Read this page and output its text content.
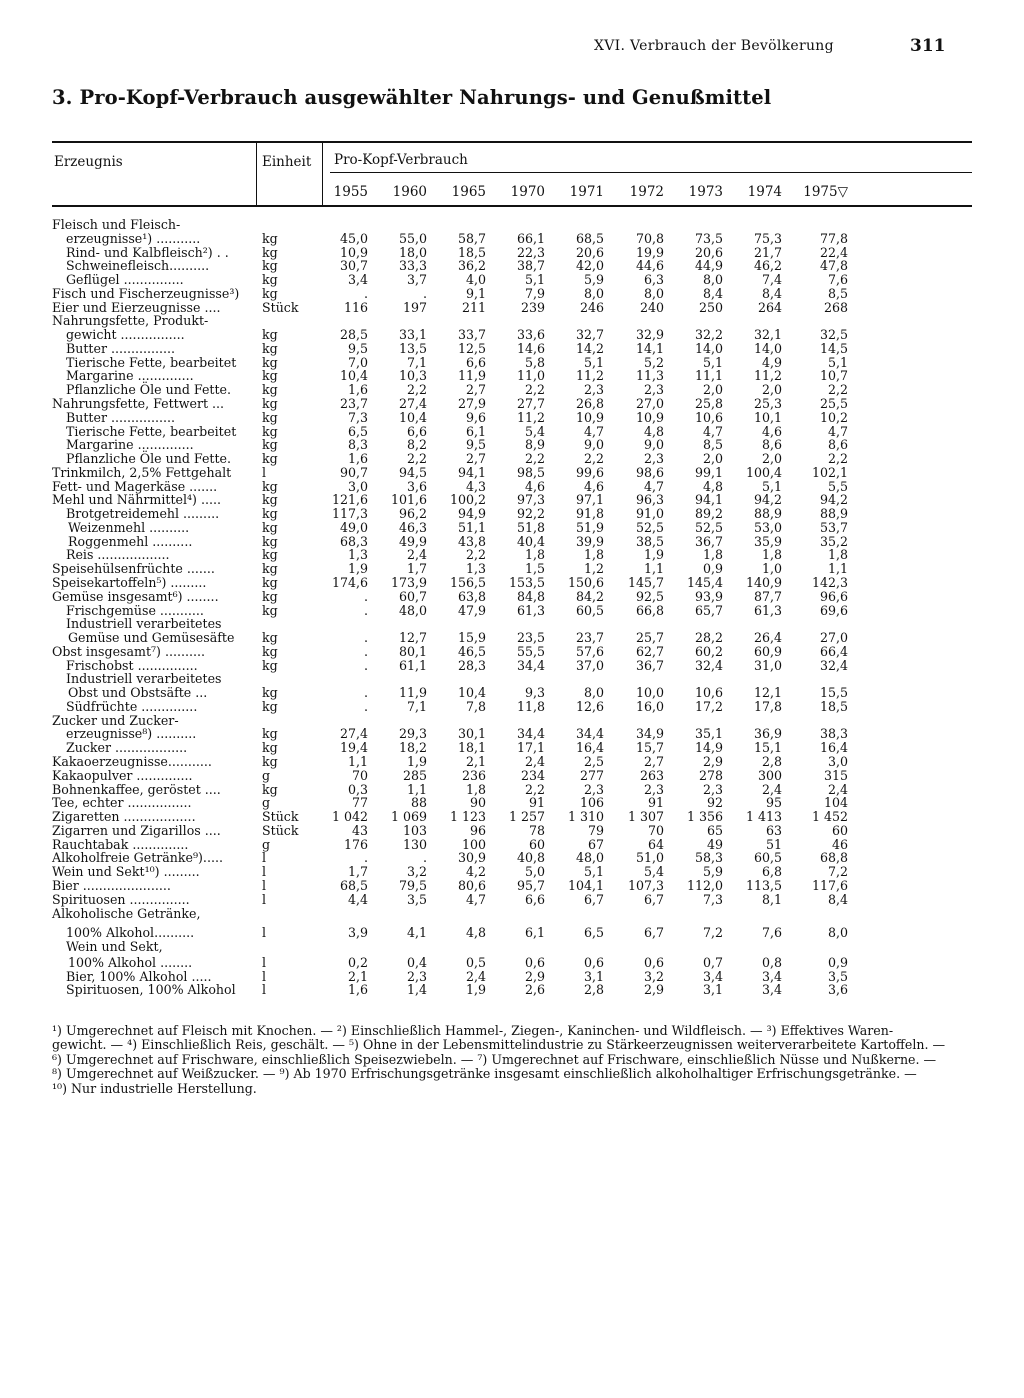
XVI. Verbrauch der Bevölkerung	311
3. Pro-Kopf-Verbrauch ausgewählter Nahrungs- und Genußmittel
Erzeugnis	Einheit Pro-Kopf-Verbrauch
1955	1960	1965	1970	1971	1972	1973	1974	1975▽
Fleisch und Fleisch-
erzeugnisse¹) ...........	kg	45,0	55,0	58,7	66,1	68,5	70,8	73,5	75,3	77,8
Rind- und Kalbfleisch²) . .	kg	10,9	18,0	18,5	22,3	20,6	19,9	20,6	21,7	22,4
Schweinefleisch..........	kg	30,7	33,3	36,2	38,7	42,0	44,6	44,9	46,2	47,8
Geflügel ...............	kg	3,4	3,7	4,0	5,1	5,9	6,3	8,0	7,4	7,6
Fisch und Fischerzeugnisse³) kg	.	.	9,1	7,9	8,0	8,0	8,4	8,4	8,5
Eier und Eierzeugnisse ....	Stück	116	197	211	239	246	240	250	264	268
Nahrungsfette, Produkt-
gewicht ................	kg	28,5	33,1	33,7	33,6	32,7	32,9	32,2	32,1	32,5
Butter ................	kg	9,5	13,5	12,5	14,6	14,2	14,1	14,0	14,0	14,5
Tierische Fette, bearbeitet kg	7,0	7,1	6,6	5,8	5,1	5,2	5,1	4,9	5,1
Margarine ..............	kg	10,4	10,3	11,9	11,0	11,2	11,3	11,1	11,2	10,7
Pflanzliche Öle und Fette. kg	1,6	2,2	2,7	2,2	2,3	2,3	2,0	2,0	2,2
Nahrungsfette, Fettwert ...	kg	23,7	27,4	27,9	27,7	26,8	27,0	25,8	25,3	25,5
Butter ................	kg	7,3	10,4	9,6	11,2	10,9	10,9	10,6	10,1	10,2
Tierische Fette, bearbeitet kg	6,5	6,6	6,1	5,4	4,7	4,8	4,7	4,6	4,7
Margarine ..............	kg	8,3	8,2	9,5	8,9	9,0	9,0	8,5	8,6	8,6
Pflanzliche Öle und Fette. kg	1,6	2,2	2,7	2,2	2,2	2,3	2,0	2,0	2,2
Trinkmilch, 2,5% Fettgehalt l	90,7	94,5	94,1	98,5	99,6	98,6	99,1	100,4	102,1
Fett- und Magerkäse .......	kg	3,0	3,6	4,3	4,6	4,6	4,7	4,8	5,1	5,5
Mehl und Nährmittel⁴) .....	kg	121,6	101,6	100,2	97,3	97,1	96,3	94,1	94,2	94,2
Brotgetreidemehl .........	kg	117,3	96,2	94,9	92,2	91,8	91,0	89,2	88,9	88,9
Weizenmehl ..........	kg	49,0	46,3	51,1	51,8	51,9	52,5	52,5	53,0	53,7
Roggenmehl ..........	kg	68,3	49,9	43,8	40,4	39,9	38,5	36,7	35,9	35,2
Reis ..................	kg	1,3	2,4	2,2	1,8	1,8	1,9	1,8	1,8	1,8
Speisehülsenfrüchte .......	kg	1,9	1,7	1,3	1,5	1,2	1,1	0,9	1,0	1,1
Speisekartoffeln⁵) .........	kg	174,6	173,9	156,5	153,5	150,6	145,7	145,4	140,9	142,3
Gemüse insgesamt⁶) ........	kg	.	60,7	63,8	84,8	84,2	92,5	93,9	87,7	96,6
Frischgemüse ...........	kg	.	48,0	47,9	61,3	60,5	66,8	65,7	61,3	69,6
Industriell verarbeitetes
Gemüse und Gemüsesäfte kg	.	12,7	15,9	23,5	23,7	25,7	28,2	26,4	27,0
Obst insgesamt⁷) ..........	kg	.	80,1	46,5	55,5	57,6	62,7	60,2	60,9	66,4
Frischobst ...............	kg	.	61,1	28,3	34,4	37,0	36,7	32,4	31,0	32,4
Industriell verarbeitetes
Obst und Obstsäfte ...	kg	.	11,9	10,4	9,3	8,0	10,0	10,6	12,1	15,5
Südfrüchte ..............	kg	.	7,1	7,8	11,8	12,6	16,0	17,2	17,8	18,5
Zucker und Zucker-
erzeugnisse⁸) ..........	kg	27,4	29,3	30,1	34,4	34,4	34,9	35,1	36,9	38,3
Zucker ..................	kg	19,4	18,2	18,1	17,1	16,4	15,7	14,9	15,1	16,4
Kakaoerzeugnisse...........	kg	1,1	1,9	2,1	2,4	2,5	2,7	2,9	2,8	3,0
Kakaopulver ..............	g	70	285	236	234	277	263	278	300	315
Bohnenkaffee, geröstet ....	kg	0,3	1,1	1,8	2,2	2,3	2,3	2,3	2,4	2,4
Tee, echter ................	g	77	88	90	91	106	91	92	95	104
Zigaretten ..................	Stück	1 042	1 069	1 123	1 257	1 310	1 307	1 356	1 413	1 452
Zigarren und Zigarillos ....	Stück	43	103	96	78	79	70	65	63	60
Rauchtabak ..............	g	176	130	100	60	67	64	49	51	46
Alkoholfreie Getränke⁹).....	l	.	.	30,9	40,8	48,0	51,0	58,3	60,5	68,8
Wein und Sekt¹⁰) .........	l	1,7	3,2	4,2	5,0	5,1	5,4	5,9	6,8	7,2
Bier ......................	l	68,5	79,5	80,6	95,7	104,1	107,3	112,0	113,5	117,6
Spirituosen ...............	l	4,4	3,5	4,7	6,6	6,7	6,7	7,3	8,1	8,4
Alkoholische Getränke,
100% Alkohol..........	l	3,9	4,1	4,8	6,1	6,5	6,7	7,2	7,6	8,0
Wein und Sekt,
100% Alkohol ........	l	0,2	0,4	0,5	0,6	0,6	0,6	0,7	0,8	0,9
Bier, 100% Alkohol .....	l	2,1	2,3	2,4	2,9	3,1	3,2	3,4	3,4	3,5
Spirituosen, 100% Alkohol l	1,6	1,4	1,9	2,6	2,8	2,9	3,1	3,4	3,6
¹) Umgerechnet auf Fleisch mit Knochen. — ²) Einschließlich Hammel-, Ziegen-, Kaninchen- und Wildfleisch. — ³) Effektives Waren-
gewicht. — ⁴) Einschließlich Reis, geschält. — ⁵) Ohne in der Lebensmittelindustrie zu Stärkeerzeugnissen weiterverarbeitete Kartoffeln. —
⁶) Umgerechnet auf Frischware, einschließlich Speisezwiebeln. — ⁷) Umgerechnet auf Frischware, einschließlich Nüsse und Nußkerne. —
⁸) Umgerechnet auf Weißzucker. — ⁹) Ab 1970 Erfrischungsgetränke insgesamt einschließlich alkoholhaltiger Erfrischungsgetränke. —
¹⁰) Nur industrielle Herstellung.
